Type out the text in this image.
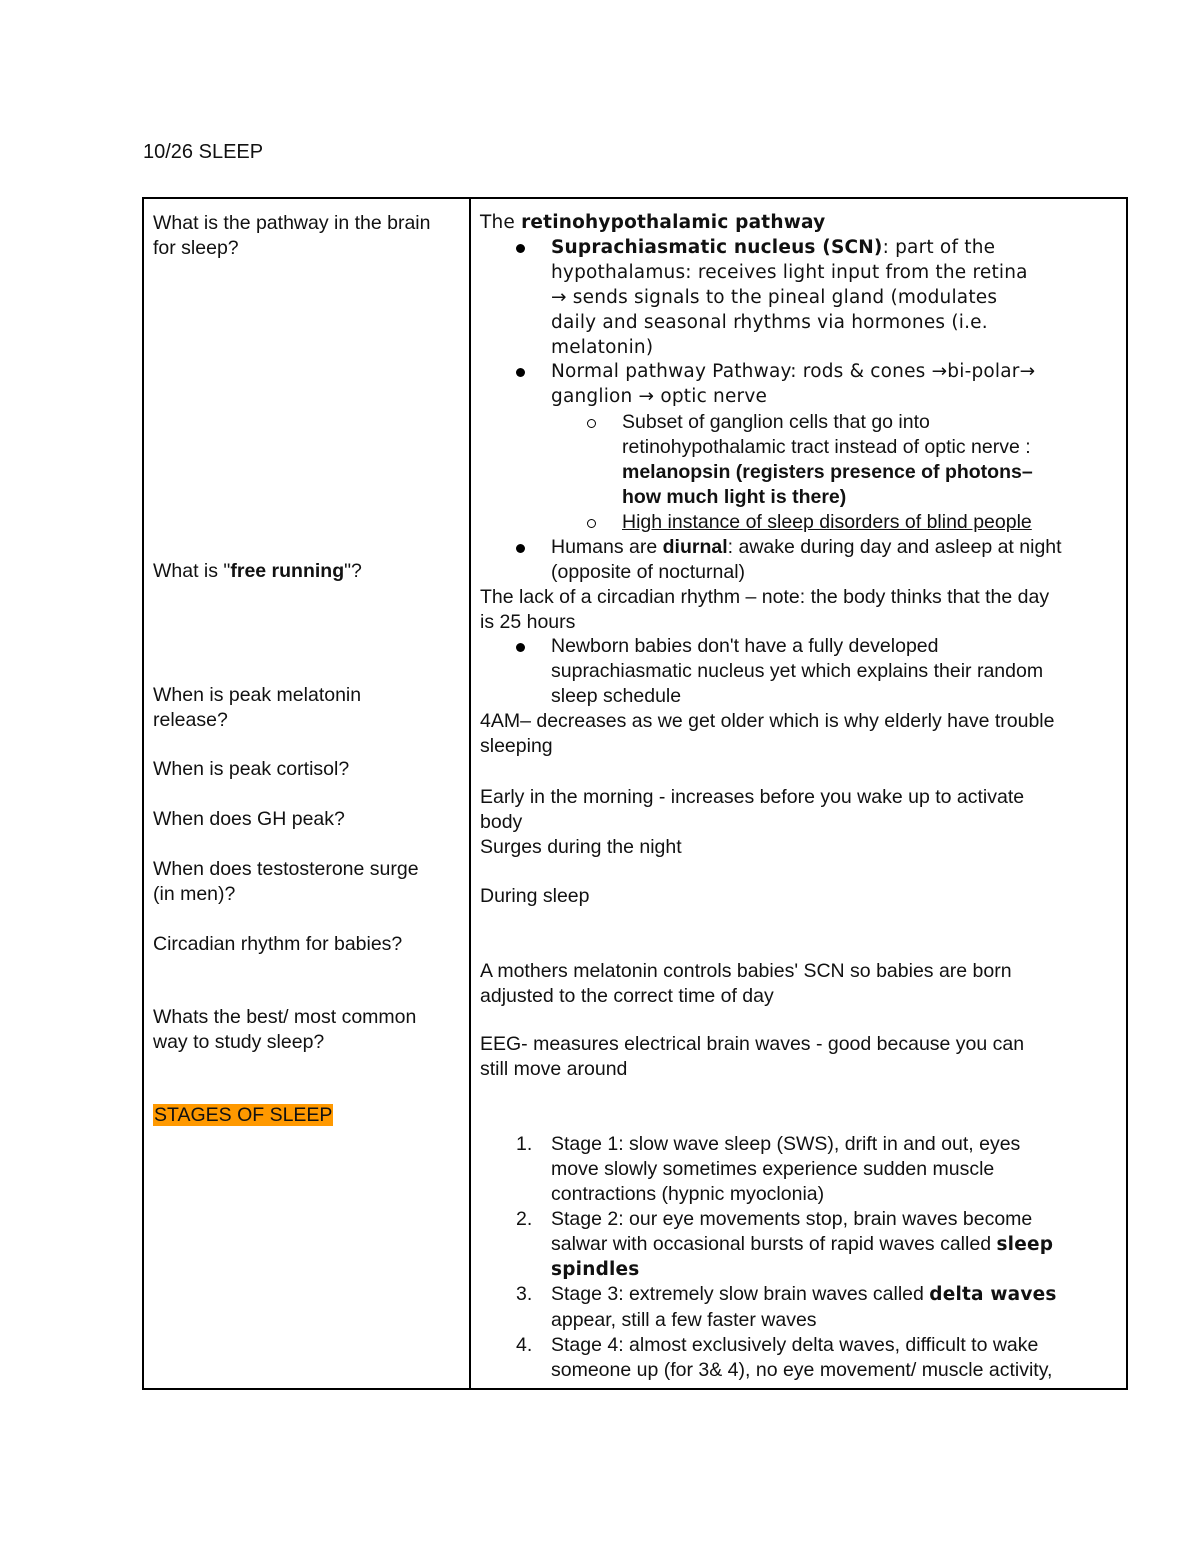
10/26 SLEEP
What is the pathway in the brain
for sleep?
What is "free running"?
When is peak melatonin
release?
When is peak cortisol?
When does GH peak?
When does testosterone surge
(in men)?
Circadian rhythm for babies?
Whats the best/ most common
way to study sleep?
STAGES OF SLEEP
The retinohypothalamic pathway
Suprachiasmatic nucleus (SCN): part of the
hypothalamus: receives light input from the retina
→ sends signals to the pineal gland (modulates
daily and seasonal rhythms via hormones (i.e.
melatonin)
Normal pathway Pathway: rods & cones →bi-polar→
ganglion → optic nerve
Subset of ganglion cells that go into
retinohypothalamic tract instead of optic nerve :
melanopsin (registers presence of photons–
how much light is there)
High instance of sleep disorders of blind people
Humans are diurnal: awake during day and asleep at night
(opposite of nocturnal)
The lack of a circadian rhythm – note: the body thinks that the day
is 25 hours
Newborn babies don't have a fully developed
suprachiasmatic nucleus yet which explains their random
sleep schedule
4AM– decreases as we get older which is why elderly have trouble
sleeping
Early in the morning - increases before you wake up to activate
body
Surges during the night
During sleep
A mothers melatonin controls babies' SCN so babies are born
adjusted to the correct time of day
EEG- measures electrical brain waves - good because you can
still move around
1. Stage 1: slow wave sleep (SWS), drift in and out, eyes
move slowly sometimes experience sudden muscle
contractions (hypnic myoclonia)
2. Stage 2: our eye movements stop, brain waves become
salwar with occasional bursts of rapid waves called sleep
spindles
3. Stage 3: extremely slow brain waves called delta waves
appear, still a few faster waves
4. Stage 4: almost exclusively delta waves, difficult to wake
someone up (for 3& 4), no eye movement/ muscle activity,
